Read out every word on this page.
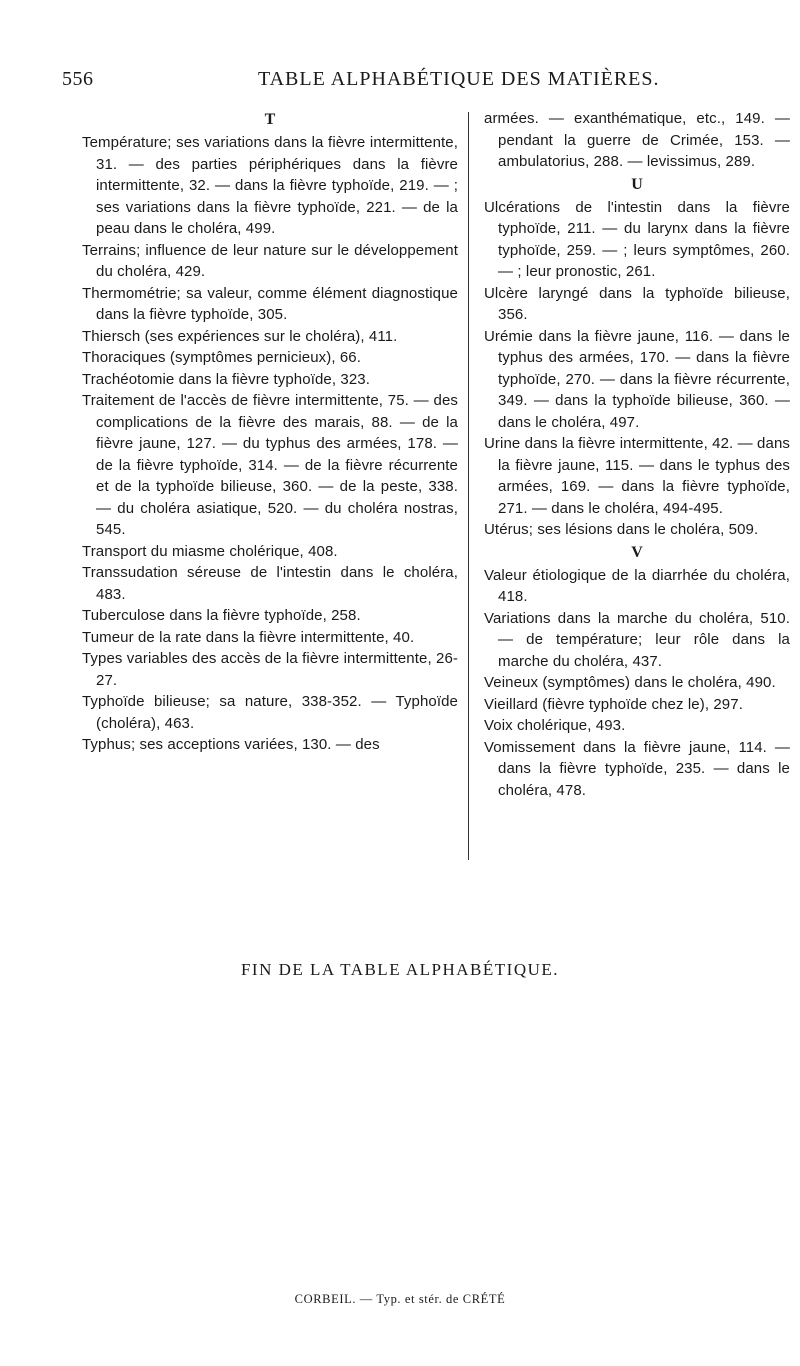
556	TABLE ALPHABÉTIQUE DES MATIÈRES.
T

Température; ses variations dans la fièvre intermittente, 31. — des parties périphériques dans la fièvre intermittente, 32. — dans la fièvre typhoïde, 219. — ; ses variations dans la fièvre typhoïde, 221. — de la peau dans le choléra, 499.

Terrains; influence de leur nature sur le développement du choléra, 429.

Thermométrie; sa valeur, comme élément diagnostique dans la fièvre typhoïde, 305.

Thiersch (ses expériences sur le choléra), 411.

Thoraciques (symptômes pernicieux), 66.

Trachéotomie dans la fièvre typhoïde, 323.

Traitement de l'accès de fièvre intermittente, 75. — des complications de la fièvre des marais, 88. — de la fièvre jaune, 127. — du typhus des armées, 178. — de la fièvre typhoïde, 314. — de la fièvre récurrente et de la typhoïde bilieuse, 360. — de la peste, 338. — du choléra asiatique, 520. — du choléra nostras, 545.

Transport du miasme cholérique, 408.

Transsudation séreuse de l'intestin dans le choléra, 483.

Tuberculose dans la fièvre typhoïde, 258.

Tumeur de la rate dans la fièvre intermittente, 40.

Types variables des accès de la fièvre intermittente, 26-27.

Typhoïde bilieuse; sa nature, 338-352. — Typhoïde (choléra), 463.

Typhus; ses acceptions variées, 130. — des

armées. — exanthématique, etc., 149. — pendant la guerre de Crimée, 153. — ambulatorius, 288. — levissimus, 289.

U

Ulcérations de l'intestin dans la fièvre typhoïde, 211. — du larynx dans la fièvre typhoïde, 259. — ; leurs symptômes, 260. — ; leur pronostic, 261.

Ulcère laryngé dans la typhoïde bilieuse, 356.

Urémie dans la fièvre jaune, 116. — dans le typhus des armées, 170. — dans la fièvre typhoïde, 270. — dans la fièvre récurrente, 349. — dans la typhoïde bilieuse, 360. — dans le choléra, 497.

Urine dans la fièvre intermittente, 42. — dans la fièvre jaune, 115. — dans le typhus des armées, 169. — dans la fièvre typhoïde, 271. — dans le choléra, 494-495.

Utérus; ses lésions dans le choléra, 509.

V

Valeur étiologique de la diarrhée du choléra, 418.

Variations dans la marche du choléra, 510. — de température; leur rôle dans la marche du choléra, 437.

Veineux (symptômes) dans le choléra, 490.

Vieillard (fièvre typhoïde chez le), 297.

Voix cholérique, 493.

Vomissement dans la fièvre jaune, 114. — dans la fièvre typhoïde, 235. — dans le choléra, 478.

FIN DE LA TABLE ALPHABÉTIQUE.
CORBEIL. — Typ. et stér. de CRÉTÉ
